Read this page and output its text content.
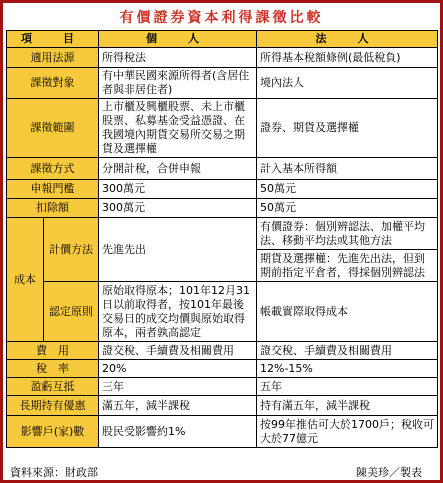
有價證券資本利得課徵比較
項　目		個　人	法　人
適用法源		所得稅法	所得基本稅額條例(最低稅負)
課徵對象		有中華民國來源所得者(含居住者與非居住者)	境內法人
課徵範圍		上市櫃及興櫃股票、未上市櫃股票、私募基金受益憑證、在我國境內期貨交易所交易之期貨及選擇權	證券、期貨及選擇權
課徵方式		分開計稅，合併申報	計入基本所得額
申報門檻		300萬元	50萬元
扣除額		300萬元	50萬元
成本	計價方法	先進先出	有價證券：個別辨認法、加權平均法、移動平均法或其他方法
			期貨及選擇權：先進先出法，但到期前指定平倉者，得採個別辨認法
	認定原則	原始取得原本；101年12月31日以前取得者，按101年最後交易日的成交均價與原始取得原本，兩者孰高認定	帳載實際取得成本
費　用		證交稅、手續費及相關費用	證交稅、手續費及相關費用
稅　率		20%	12%-15%
盈虧互抵		三年	五年
長期持有優惠		滿五年，減半課稅	持有滿五年，減半課稅
影響戶(家)數		股民受影響約1%	按99年推估可大於1700戶；稅收可大於77億元
資料來源：財政部	陳美珍／製表
